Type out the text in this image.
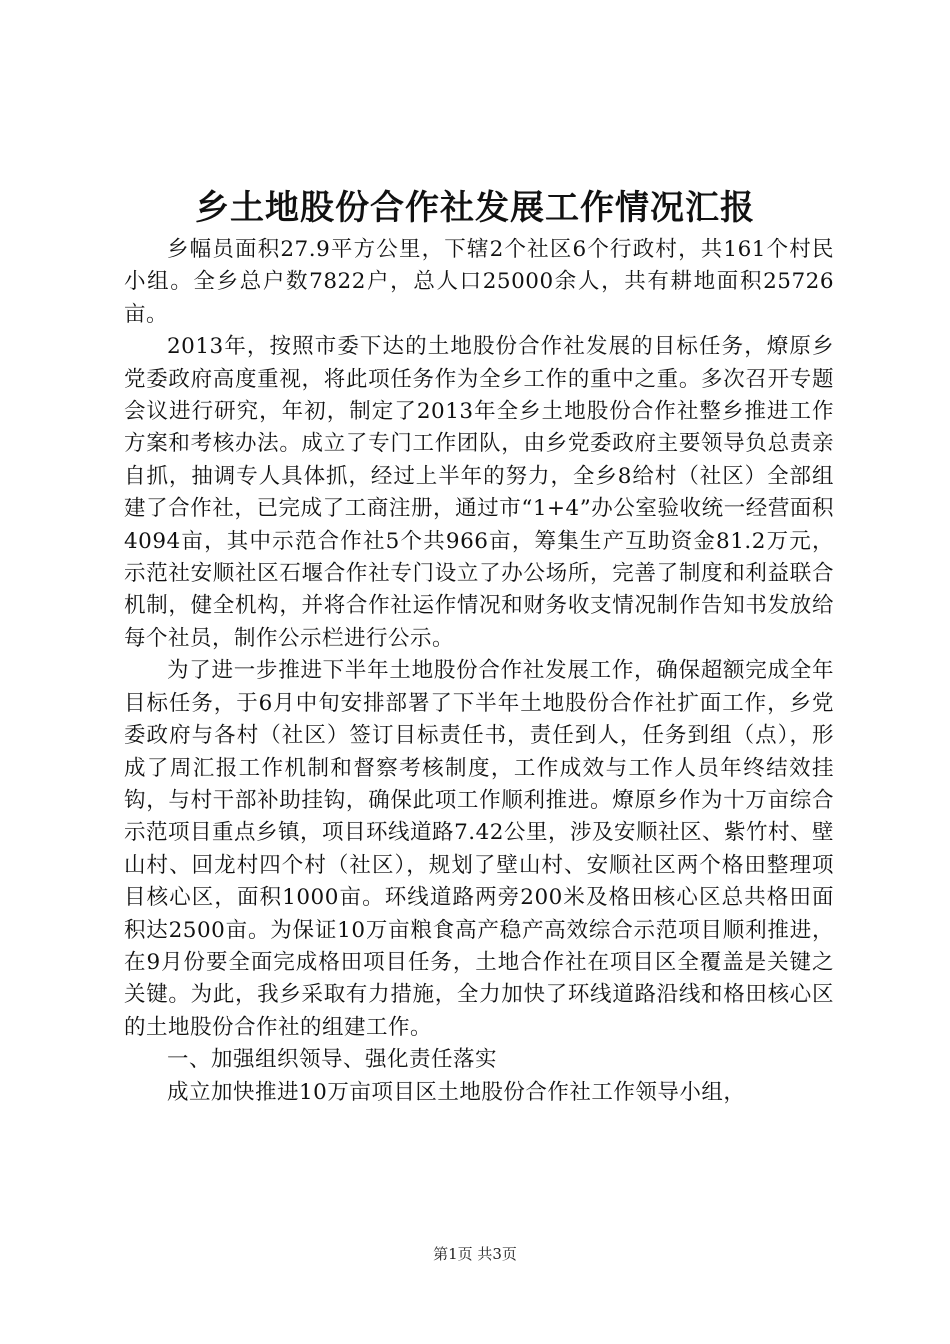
乡土地股份合作社发展工作情况汇报

乡幅员面积27.9平方公里，下辖2个社区6个行政村，共161个村民小组。全乡总户数7822户，总人口25000余人，共有耕地面积25726亩。

2013年，按照市委下达的土地股份合作社发展的目标任务，燎原乡党委政府高度重视，将此项任务作为全乡工作的重中之重。多次召开专题会议进行研究，年初，制定了2013年全乡土地股份合作社整乡推进工作方案和考核办法。成立了专门工作团队，由乡党委政府主要领导负总责亲自抓，抽调专人具体抓，经过上半年的努力，全乡8给村（社区）全部组建了合作社，已完成了工商注册，通过市“1+4”办公室验收统一经营面积4094亩，其中示范合作社5个共966亩，筹集生产互助资金81.2万元，示范社安顺社区石堰合作社专门设立了办公场所，完善了制度和利益联合机制，健全机构，并将合作社运作情况和财务收支情况制作告知书发放给每个社员，制作公示栏进行公示。

为了进一步推进下半年土地股份合作社发展工作，确保超额完成全年目标任务，于6月中旬安排部署了下半年土地股份合作社扩面工作，乡党委政府与各村（社区）签订目标责任书，责任到人，任务到组（点），形成了周汇报工作机制和督察考核制度，工作成效与工作人员年终结效挂钩，与村干部补助挂钩，确保此项工作顺利推进。燎原乡作为十万亩综合示范项目重点乡镇，项目环线道路7.42公里，涉及安顺社区、紫竹村、壁山村、回龙村四个村（社区），规划了壁山村、安顺社区两个格田整理项目核心区，面积1000亩。环线道路两旁200米及格田核心区总共格田面积达2500亩。为保证10万亩粮食高产稳产高效综合示范项目顺利推进，在9月份要全面完成格田项目任务，土地合作社在项目区全覆盖是关键之关键。为此，我乡采取有力措施，全力加快了环线道路沿线和格田核心区的土地股份合作社的组建工作。

一、加强组织领导、强化责任落实

成立加快推进10万亩项目区土地股份合作社工作领导小组，

第1页 共3页
